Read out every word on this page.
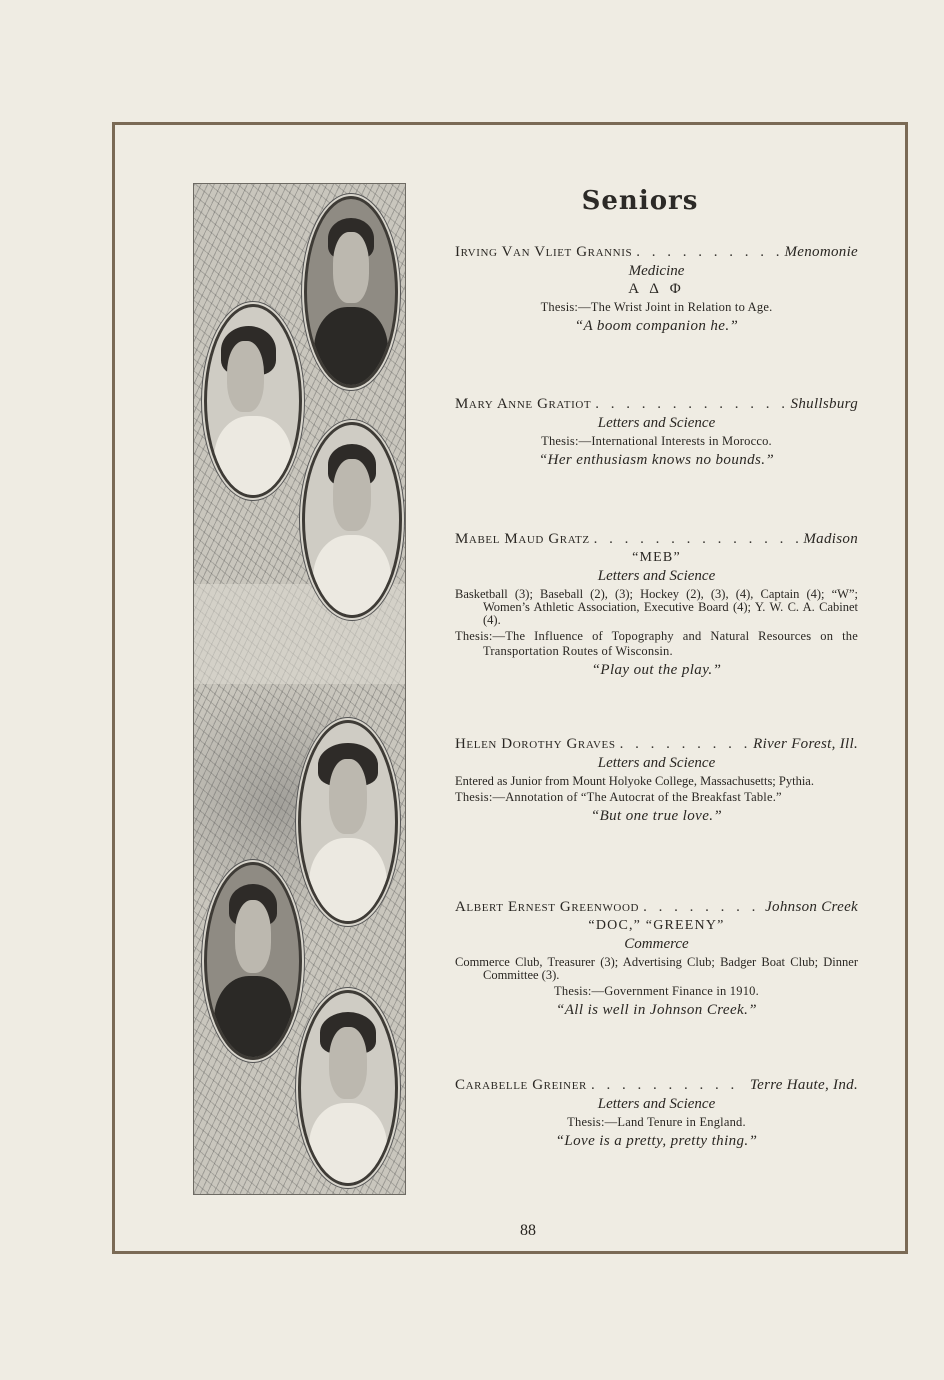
Seniors
Irving Van Vliet Grannis . . .	Menomonie
Medicine
Α Δ Φ
Thesis:—The Wrist Joint in Relation to Age.
“A boom companion he.”
Mary Anne Gratiot . . .	Shullsburg
Letters and Science
Thesis:—International Interests in Morocco.
“Her enthusiasm knows no bounds.”
Mabel Maud Gratz . . .	Madison
“MEB”
Letters and Science
Basketball (3); Baseball (2), (3); Hockey (2), (3), (4), Captain (4); “W”; Women’s Athletic Association, Executive Board (4); Y. W. C. A. Cabinet (4).
Thesis:—The Influence of Topography and Natural Resources on the Transportation Routes of Wisconsin.
“Play out the play.”
Helen Dorothy Graves . . .	River Forest, Ill.
Letters and Science
Entered as Junior from Mount Holyoke College, Massachusetts; Pythia.
Thesis:—Annotation of “The Autocrat of the Breakfast Table.”
“But one true love.”
Albert Ernest Greenwood . . .	Johnson Creek
“DOC,” “GREENY”
Commerce
Commerce Club, Treasurer (3); Advertising Club; Badger Boat Club; Dinner Committee (3).
Thesis:—Government Finance in 1910.
“All is well in Johnson Creek.”
Carabelle Greiner . . .	Terre Haute, Ind.
Letters and Science
Thesis:—Land Tenure in England.
“Love is a pretty, pretty thing.”
88
